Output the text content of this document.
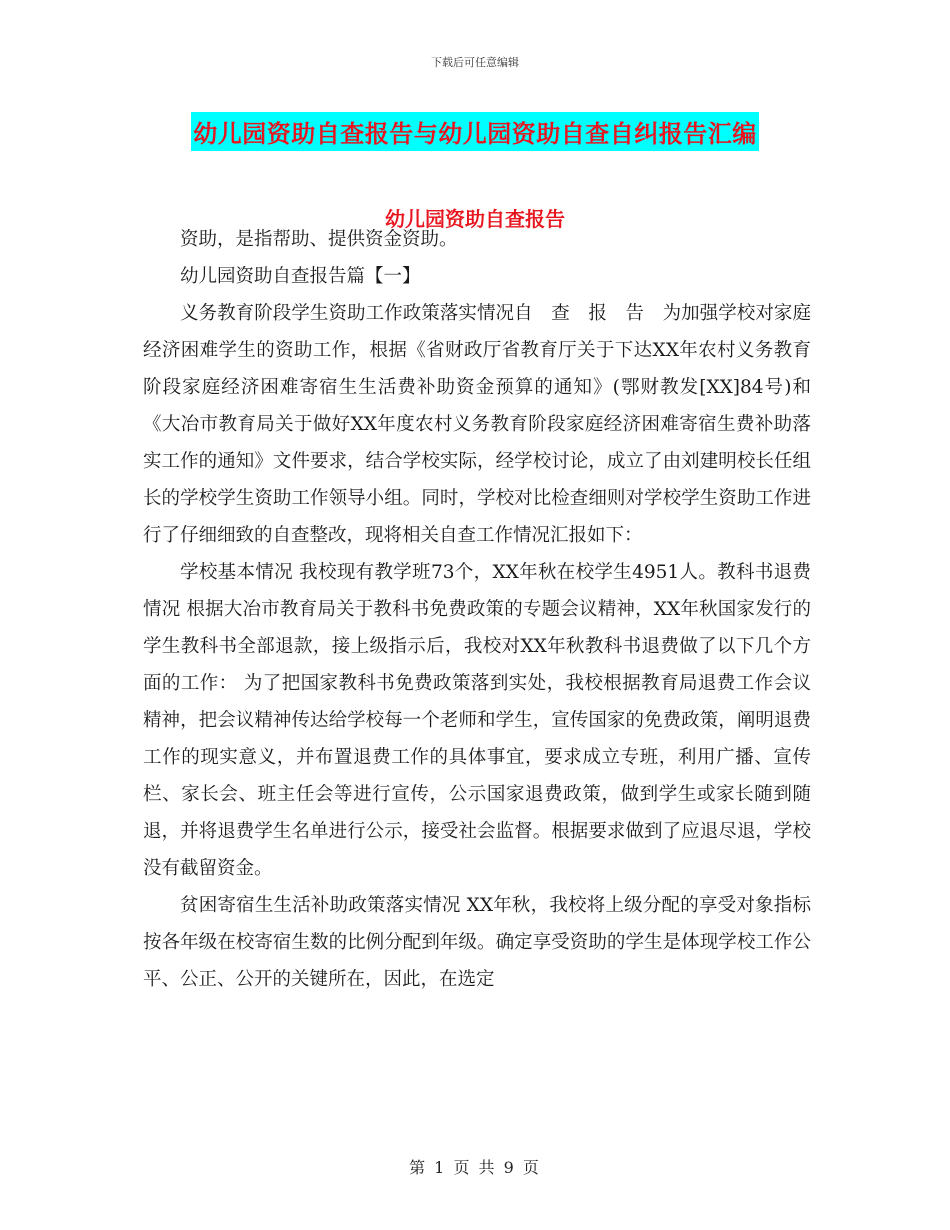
下载后可任意编辑
幼儿园资助自查报告与幼儿园资助自查自纠报告汇编
幼儿园资助自查报告

资助，是指帮助、提供资金资助。

幼儿园资助自查报告篇【一】

义务教育阶段学生资助工作政策落实情况自　查　报　告　为加强学校对家庭经济困难学生的资助工作，根据《省财政厅省教育厅关于下达XX年农村义务教育阶段家庭经济困难寄宿生生活费补助资金预算的通知》(鄂财教发[XX]84号)和《大冶市教育局关于做好XX年度农村义务教育阶段家庭经济困难寄宿生费补助落实工作的通知》文件要求，结合学校实际，经学校讨论，成立了由刘建明校长任组长的学校学生资助工作领导小组。同时，学校对比检查细则对学校学生资助工作进行了仔细细致的自查整改，现将相关自查工作情况汇报如下：

学校基本情况 我校现有教学班73个，XX年秋在校学生4951人。教科书退费情况 根据大冶市教育局关于教科书免费政策的专题会议精神，XX年秋国家发行的学生教科书全部退款，接上级指示后，我校对XX年秋教科书退费做了以下几个方面的工作： 为了把国家教科书免费政策落到实处，我校根据教育局退费工作会议精神，把会议精神传达给学校每一个老师和学生，宣传国家的免费政策，阐明退费工作的现实意义，并布置退费工作的具体事宜，要求成立专班，利用广播、宣传栏、家长会、班主任会等进行宣传，公示国家退费政策，做到学生或家长随到随退，并将退费学生名单进行公示，接受社会监督。根据要求做到了应退尽退，学校没有截留资金。

贫困寄宿生生活补助政策落实情况 XX年秋，我校将上级分配的享受对象指标按各年级在校寄宿生数的比例分配到年级。确定享受资助的学生是体现学校工作公平、公正、公开的关键所在，因此，在选定

第 1 页 共 9 页
